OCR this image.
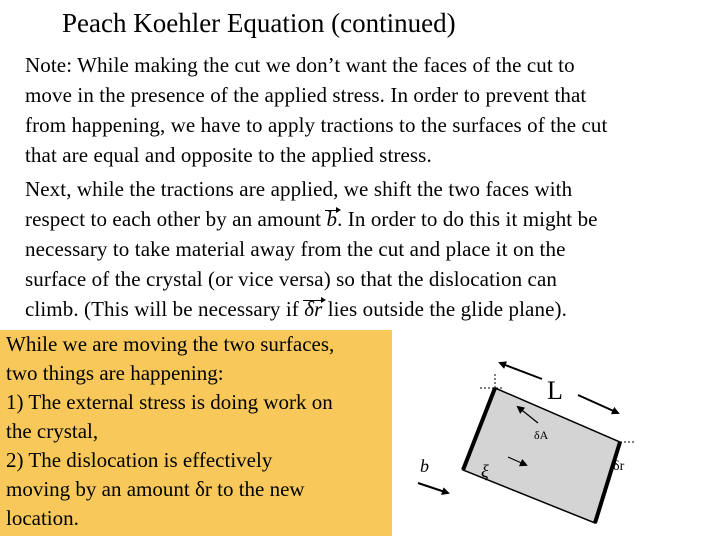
Peach Koehler Equation (continued)
Note: While making the cut we don’t want the faces of the cut to
move in the presence of the applied stress. In order to prevent that
from happening, we have to apply tractions to the surfaces of the cut
that are equal and opposite to the applied stress.
Next, while the tractions are applied, we shift the two faces with
respect to each other by an amount b. In order to do this it might be
necessary to take material away from the cut and place it on the
surface of the crystal (or vice versa) so that the dislocation can
climb. (This will be necessary if δr lies outside the glide plane).
While we are moving the two surfaces,
two things are happening:
1) The external stress is doing work on
the crystal,
2) The dislocation is effectively
moving by an amount δr to the new
location.
L
δA
b	ξ	δr
